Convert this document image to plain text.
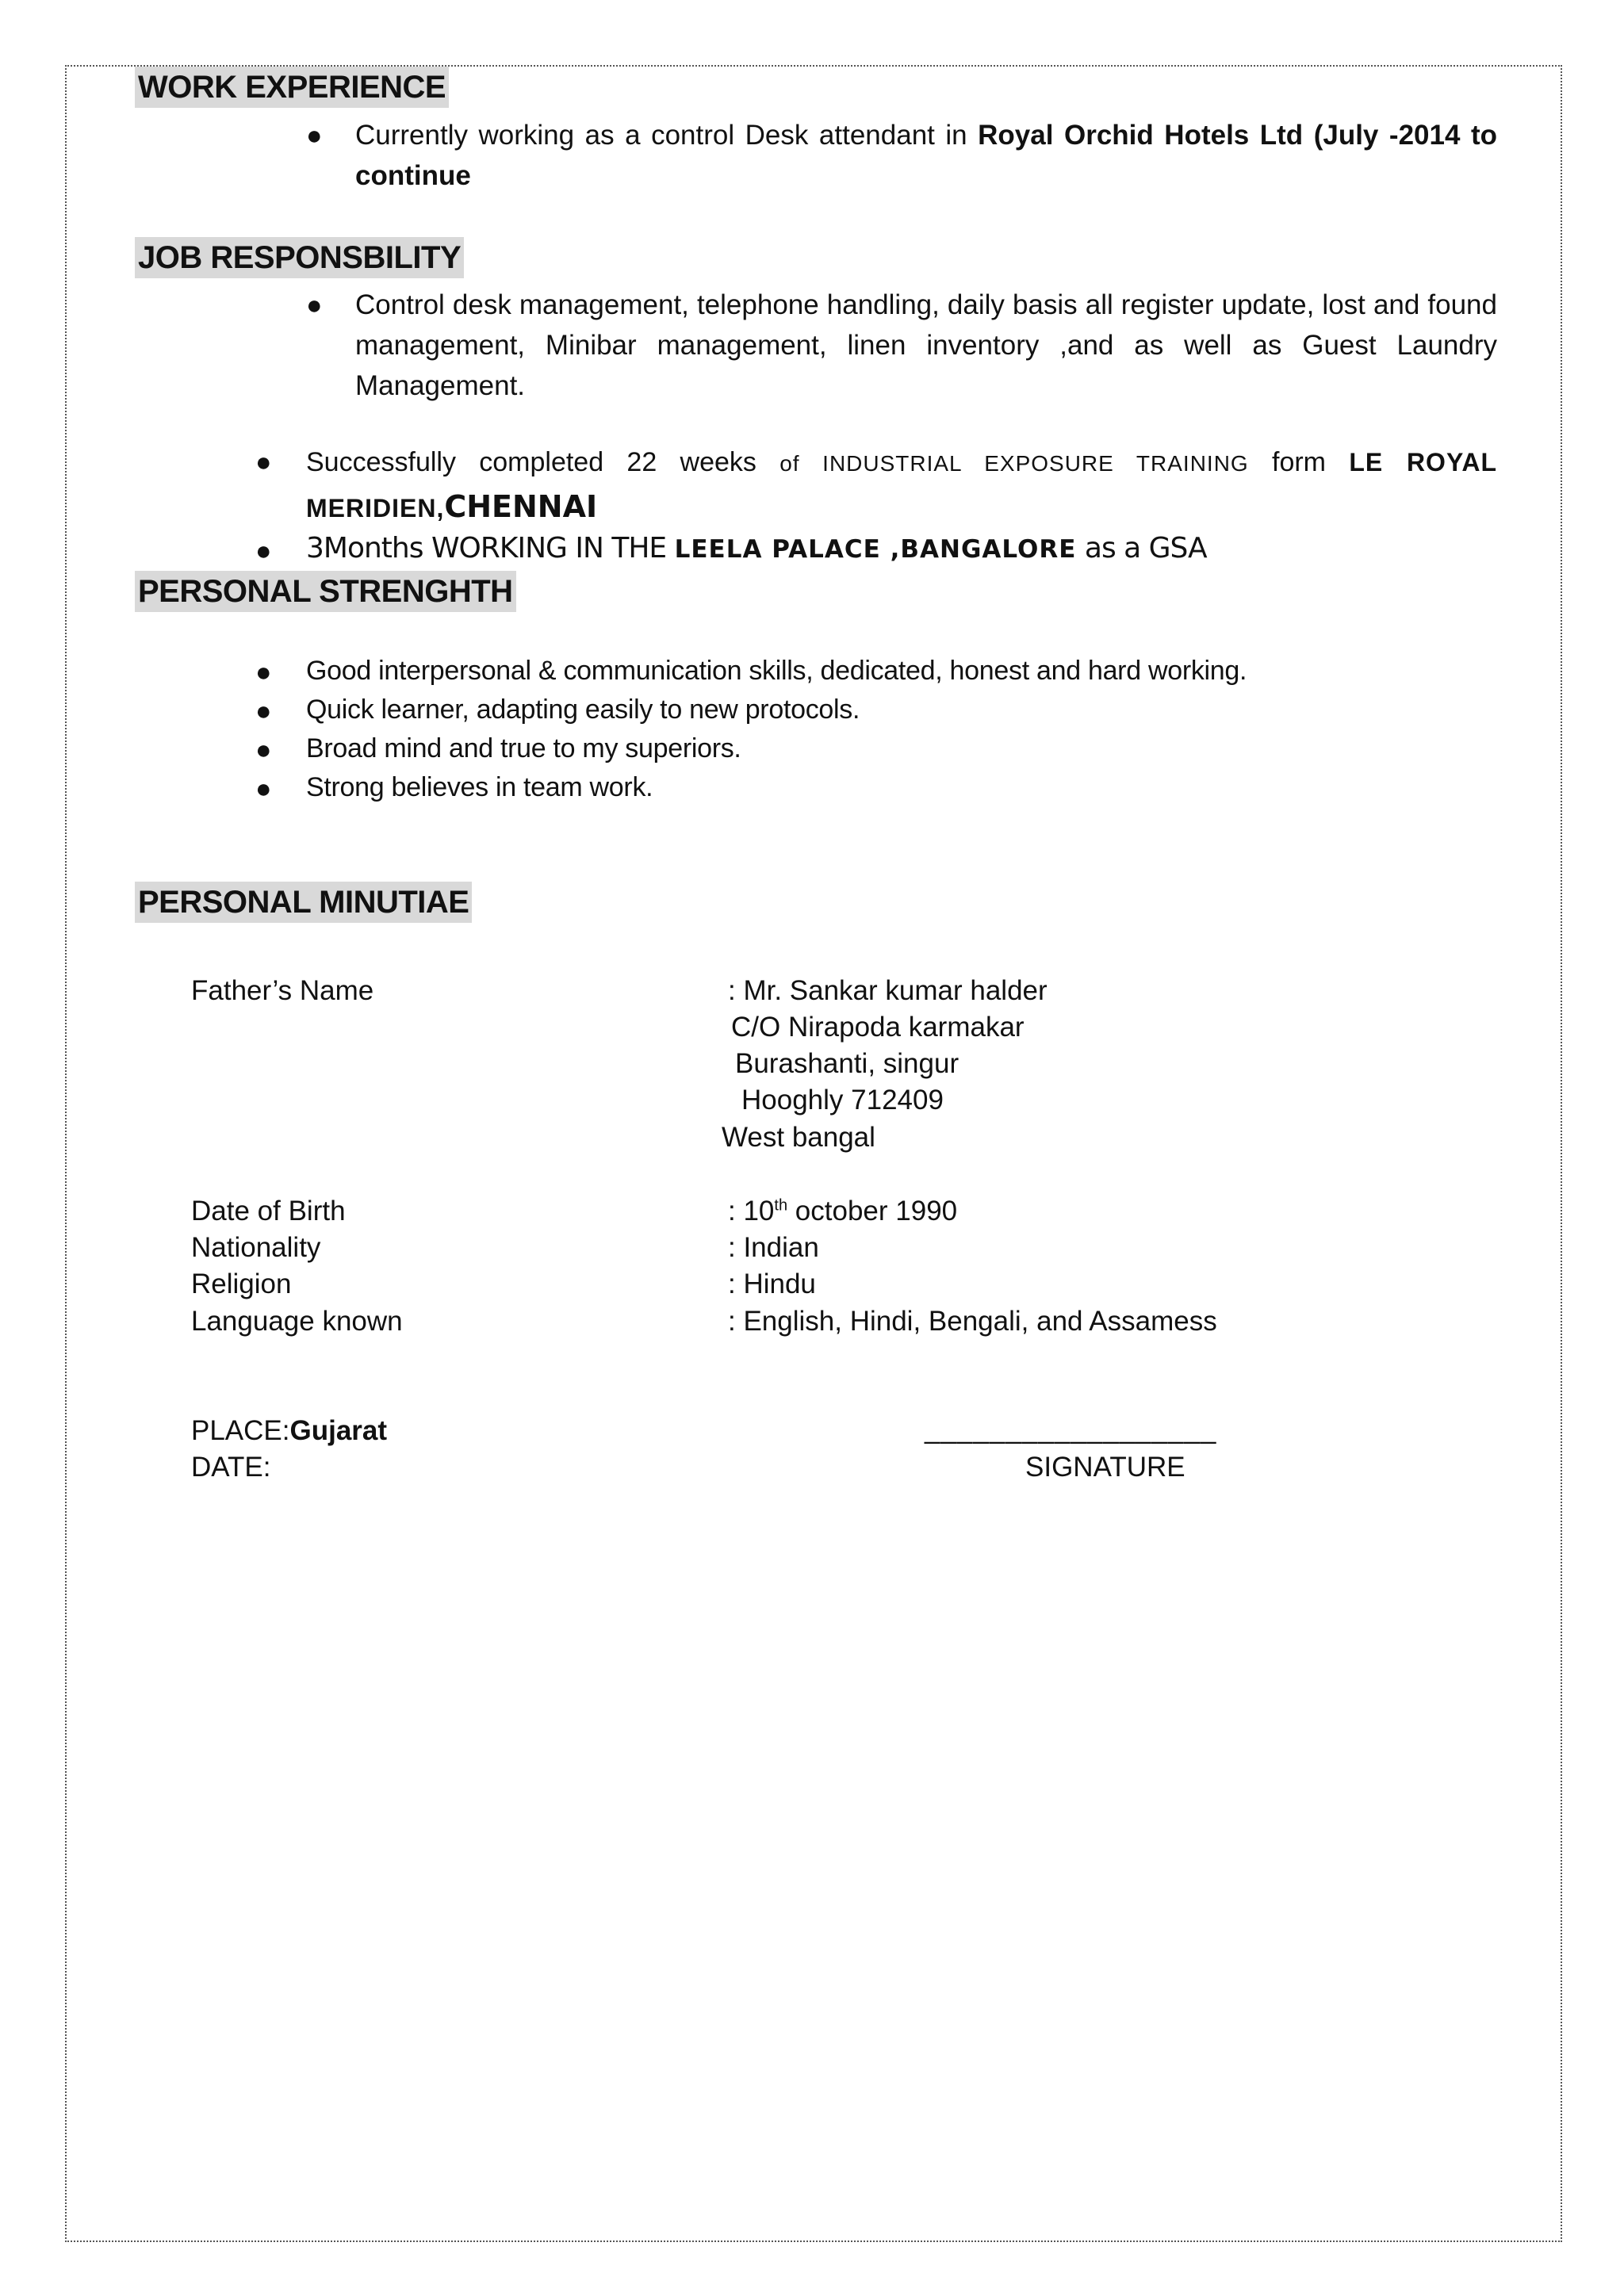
WORK EXPERIENCE
● Currently working as a control Desk attendant in Royal Orchid Hotels Ltd (July -2014 to continue
JOB RESPONSBILITY
● Control desk management, telephone handling, daily basis all register update, lost and found management, Minibar management, linen inventory ,and as well as Guest Laundry Management.
● Successfully completed 22 weeks of INDUSTRIAL EXPOSURE TRAINING form LE ROYAL MERIDIEN,CHENNAI
● 3Months WORKING IN THE LEELA PALACE ,BANGALORE as a GSA
PERSONAL STRENGHTH
● Good interpersonal & communication skills, dedicated, honest and hard working.
● Quick learner, adapting easily to new protocols.
● Broad mind and true to my superiors.
● Strong believes in team work.
PERSONAL MINUTIAE
Father’s Name	: Mr. Sankar kumar halder
C/O Nirapoda karmakar
Burashanti, singur
Hooghly 712409
West bangal
Date of Birth	: 10th october 1990
Nationality	: Indian
Religion	: Hindu
Language known	: English, Hindi, Bengali, and Assamess
PLACE:Gujarat	__________________
DATE:	SIGNATURE
